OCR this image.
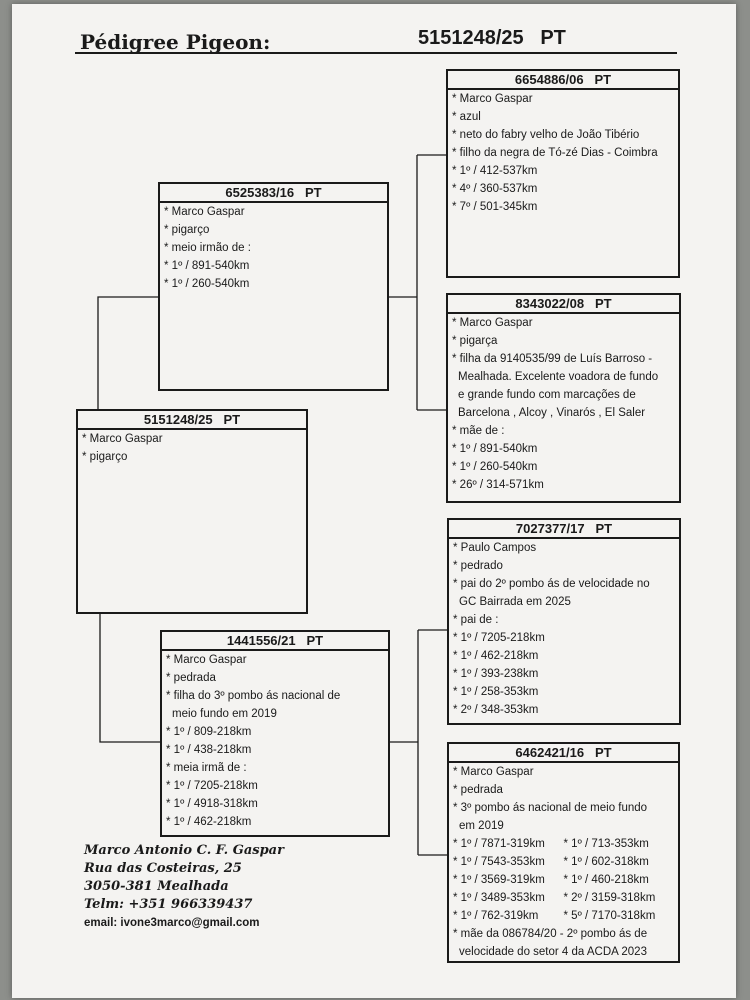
Pédigree Pigeon:	5151248/25   PT
5151248/25   PT
* Marco Gaspar
* pigarço
6525383/16   PT
* Marco Gaspar
* pigarço
* meio irmão de :
* 1º / 891-540km
* 1º / 260-540km
1441556/21   PT
* Marco Gaspar
* pedrada
* filha do 3º pombo ás nacional de
meio fundo em 2019
* 1º / 809-218km
* 1º / 438-218km
* meia irmã de :
* 1º / 7205-218km
* 1º / 4918-318km
* 1º / 462-218km
6654886/06   PT
* Marco Gaspar
* azul
* neto do fabry velho de João Tibério
* filho da negra de Tó-zé Dias - Coimbra
* 1º / 412-537km
* 4º / 360-537km
* 7º / 501-345km
8343022/08   PT
* Marco Gaspar
* pigarça
* filha da 9140535/99 de Luís Barroso -
Mealhada. Excelente voadora de fundo
e grande fundo com marcações de
Barcelona , Alcoy , Vinarós , El Saler
* mãe de :
* 1º / 891-540km
* 1º / 260-540km
* 26º / 314-571km
7027377/17   PT
* Paulo Campos
* pedrado
* pai do 2º pombo ás de velocidade no
GC Bairrada em 2025
* pai de :
* 1º / 7205-218km
* 1º / 462-218km
* 1º / 393-238km
* 1º / 258-353km
* 2º / 348-353km
6462421/16   PT
* Marco Gaspar
* pedrada
* 3º pombo ás nacional de meio fundo
em 2019
* 1º / 7871-319km
* 1º / 7543-353km
* 1º / 3569-319km
* 1º / 3489-353km
* 1º / 762-319km
* 1º / 713-353km
* 1º / 602-318km
* 1º / 460-218km
* 2º / 3159-318km
* 5º / 7170-318km
* mãe da 086784/20 - 2º pombo ás de
velocidade do setor 4 da ACDA 2023
Marco Antonio C. F. Gaspar
Rua das Costeiras, 25
3050-381 Mealhada
Telm: +351 966339437
email: ivone3marco@gmail.com
